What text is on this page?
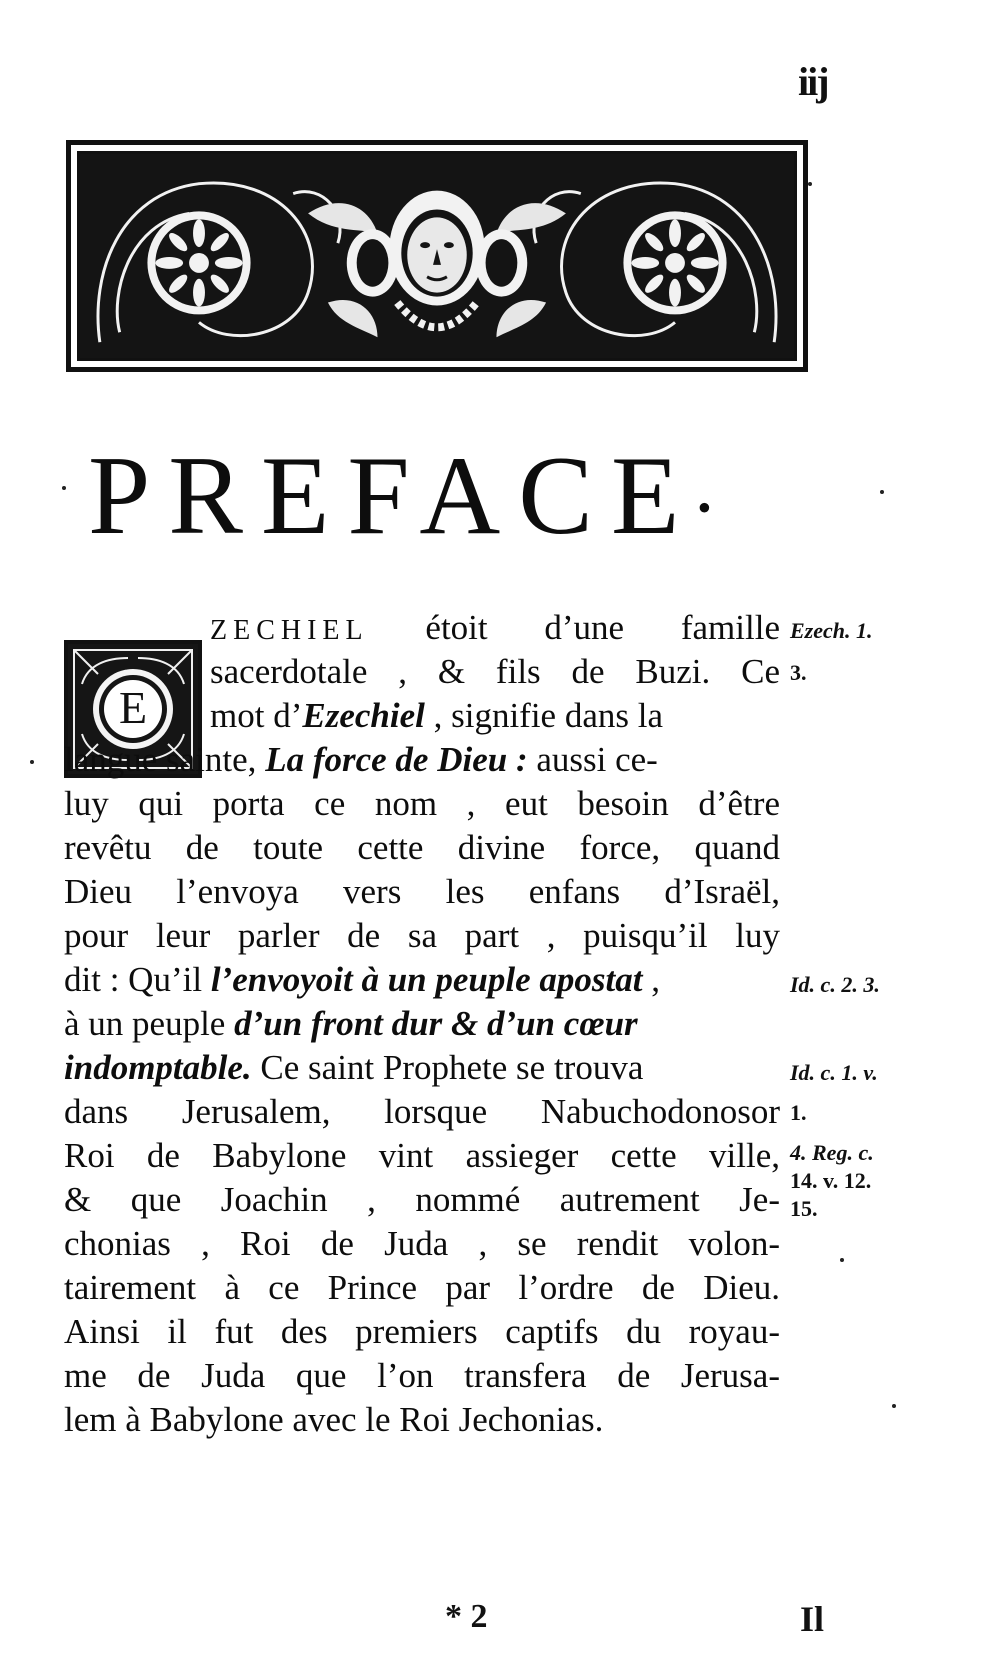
iij
PREFACE•
E
ZECHIEL étoit d’une famille
sacerdotale , & fils de Buzi. Ce
mot d’Ezechiel , signifie dans la
langue sainte, La force de Dieu : aussi ce-
luy qui porta ce nom , eut besoin d’être
revêtu de toute cette divine force, quand
Dieu l’envoya vers les enfans d’Israël,
pour leur parler de sa part , puisqu’il luy
dit : Qu’il l’envoyoit à un peuple apostat ,
à un peuple d’un front dur & d’un cœur
indomptable. Ce saint Prophete se trouva
dans Jerusalem, lorsque Nabuchodonosor
Roi de Babylone vint assieger cette ville,
& que Joachin , nommé autrement Je-
chonias , Roi de Juda , se rendit volon-
tairement à ce Prince par l’ordre de Dieu.
Ainsi il fut des premiers captifs du royau-
me de Juda que l’on transfera de Jerusa-
lem à Babylone avec le Roi Jechonias.
Ezech. 1.
3.
Id. c. 2. 3.
Id. c. 1. v.
1.
4. Reg. c.
14. v. 12.
15.
* 2	Il
